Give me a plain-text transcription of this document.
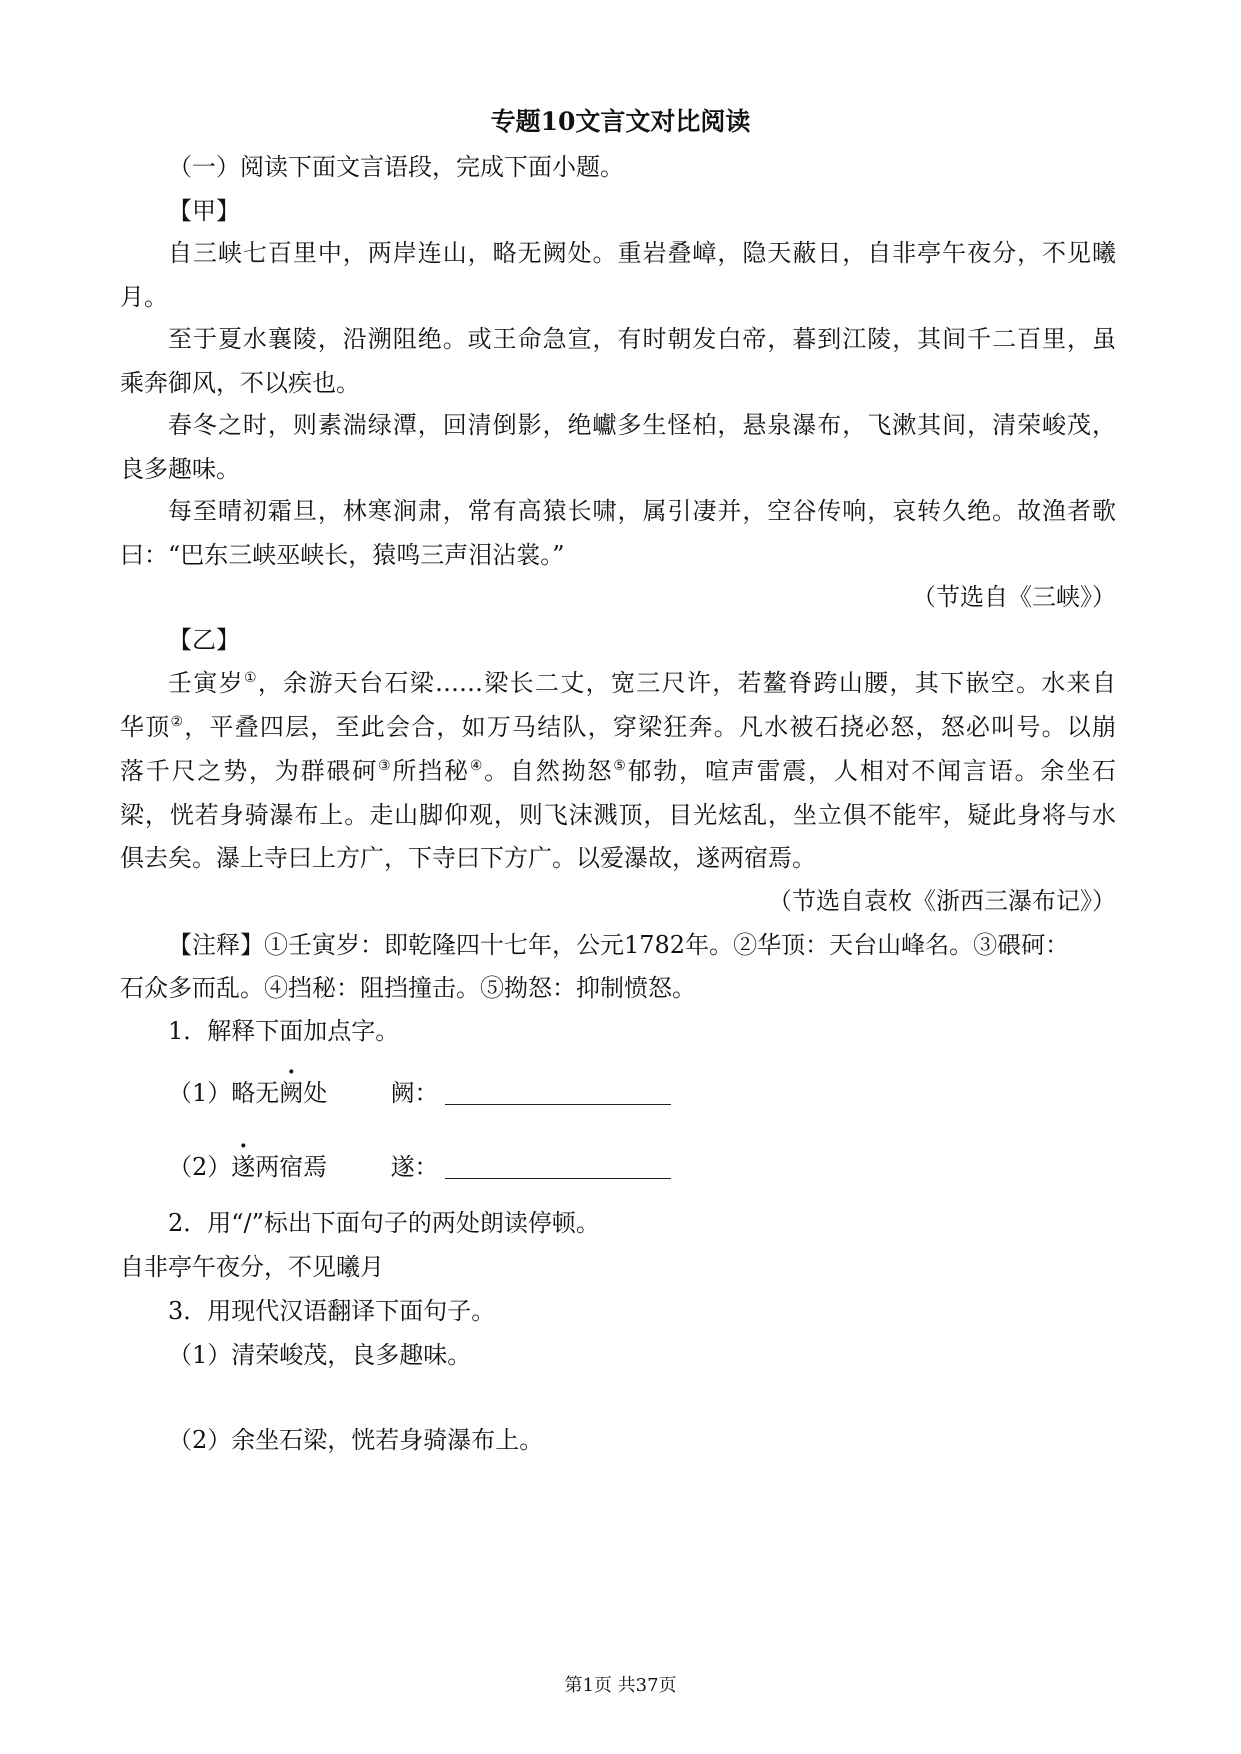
专题10文言文对比阅读
（一）阅读下面文言语段，完成下面小题。
【甲】
自三峡七百里中，两岸连山，略无阙处。重岩叠嶂，隐天蔽日，自非亭午夜分，不见曦
月。
至于夏水襄陵，沿溯阻绝。或王命急宣，有时朝发白帝，暮到江陵，其间千二百里，虽
乘奔御风，不以疾也。
春冬之时，则素湍绿潭，回清倒影，绝巘多生怪柏，悬泉瀑布，飞漱其间，清荣峻茂，
良多趣味。
每至晴初霜旦，林寒涧肃，常有高猿长啸，属引凄并，空谷传响，哀转久绝。故渔者歌
曰：“巴东三峡巫峡长，猿鸣三声泪沾裳。”
（节选自《三峡》）
【乙】
壬寅岁①，余游天台石梁……梁长二丈，宽三尺许，若鳌脊跨山腰，其下嵌空。水来自
华顶②，平叠四层，至此会合，如万马结队，穿梁狂奔。凡水被石挠必怒，怒必叫号。以崩
落千尺之势，为群碨砢③所挡秘④。自然拗怒⑤郁勃，喧声雷震，人相对不闻言语。余坐石
梁，恍若身骑瀑布上。走山脚仰观，则飞沫溅顶，目光炫乱，坐立俱不能牢，疑此身将与水
俱去矣。瀑上寺曰上方广，下寺曰下方广。以爱瀑故，遂两宿焉。
（节选自袁枚《浙西三瀑布记》）
【注释】①壬寅岁：即乾隆四十七年，公元1782年。②华顶：天台山峰名。③碨砢：
石众多而乱。④挡秘：阻挡撞击。⑤拗怒：抑制愤怒。
1．解释下面加点字。
（1）略无阙处	阙：
（2）遂两宿焉	遂：
2．用“/”标出下面句子的两处朗读停顿。
自非亭午夜分，不见曦月
3．用现代汉语翻译下面句子。
（1）清荣峻茂，良多趣味。
（2）余坐石梁，恍若身骑瀑布上。
第1页 共37页
